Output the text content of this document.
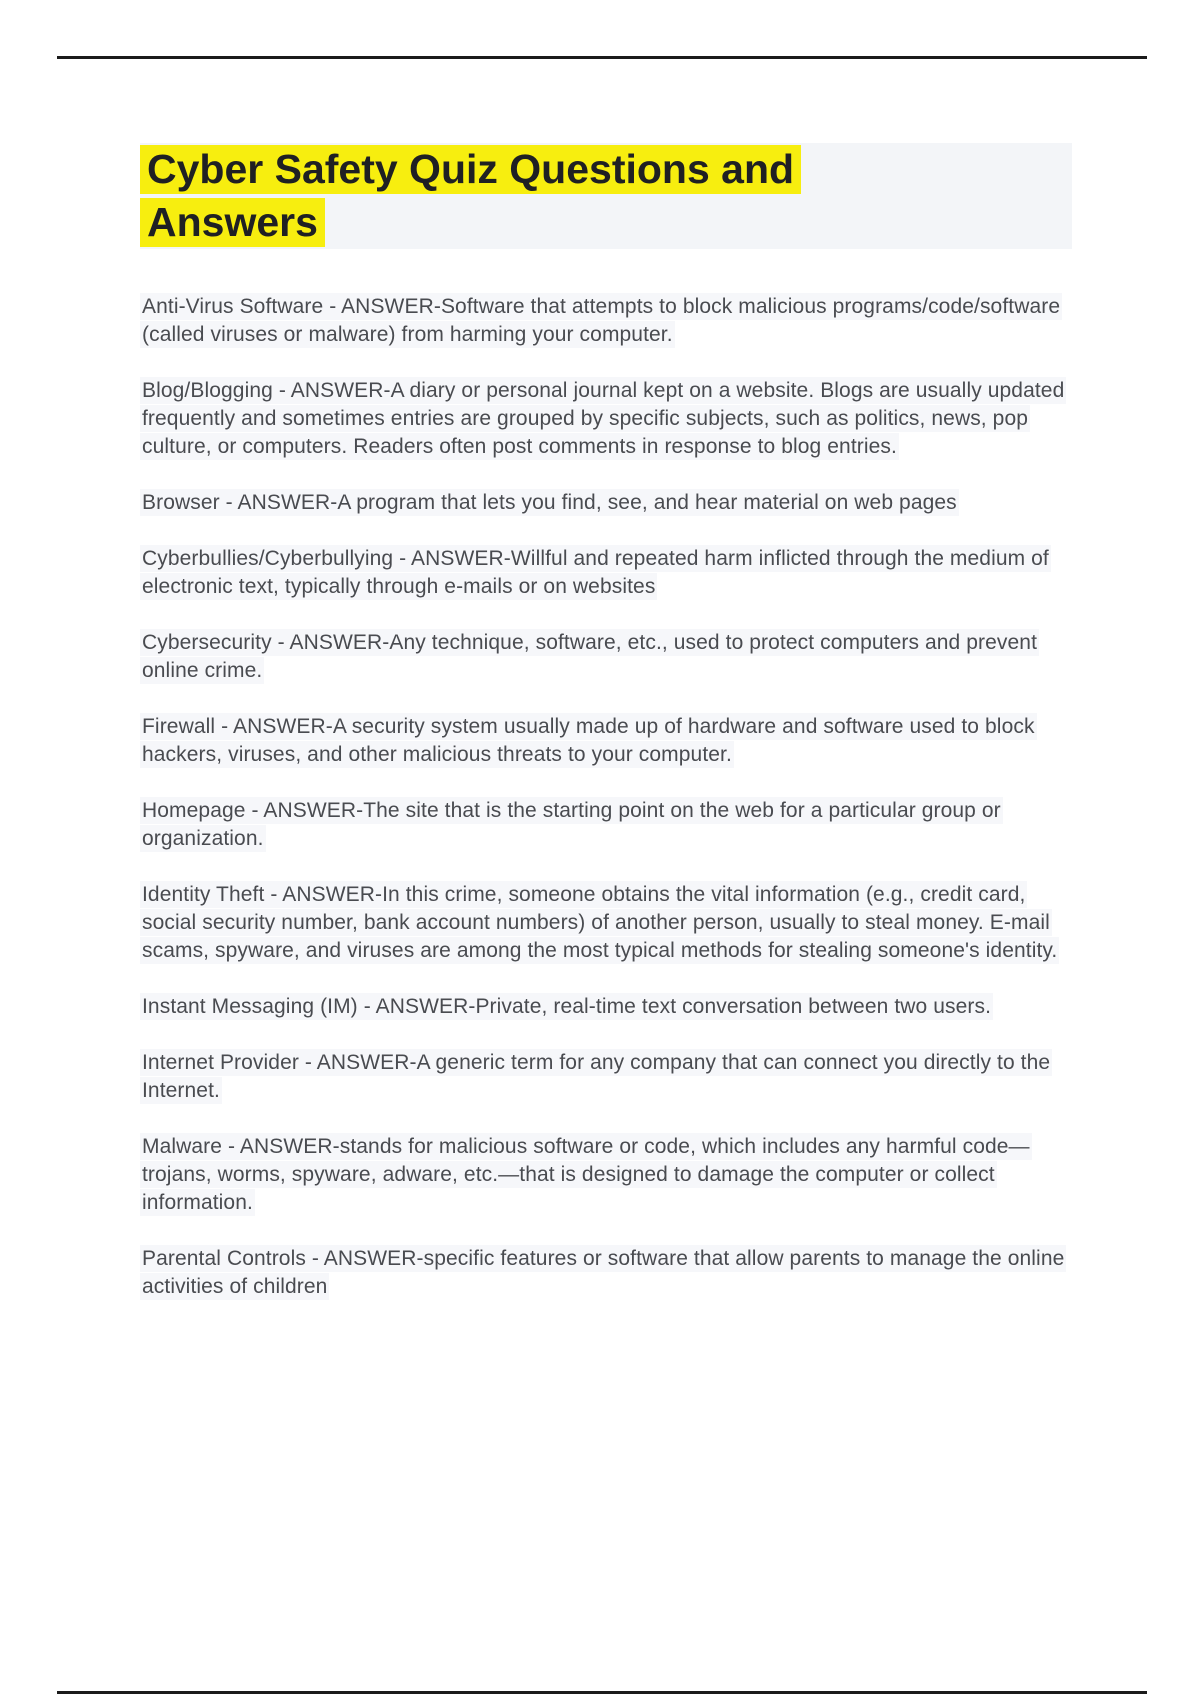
Cyber Safety Quiz Questions and
Answers

Anti-Virus Software - ANSWER-Software that attempts to block malicious programs/code/software (called viruses or malware) from harming your computer.

Blog/Blogging - ANSWER-A diary or personal journal kept on a website. Blogs are usually updated frequently and sometimes entries are grouped by specific subjects, such as politics, news, pop culture, or computers. Readers often post comments in response to blog entries.

Browser - ANSWER-A program that lets you find, see, and hear material on web pages

Cyberbullies/Cyberbullying - ANSWER-Willful and repeated harm inflicted through the medium of electronic text, typically through e-mails or on websites

Cybersecurity - ANSWER-Any technique, software, etc., used to protect computers and prevent online crime.

Firewall - ANSWER-A security system usually made up of hardware and software used to block hackers, viruses, and other malicious threats to your computer.

Homepage - ANSWER-The site that is the starting point on the web for a particular group or organization.

Identity Theft - ANSWER-In this crime, someone obtains the vital information (e.g., credit card, social security number, bank account numbers) of another person, usually to steal money. E-mail scams, spyware, and viruses are among the most typical methods for stealing someone's identity.

Instant Messaging (IM) - ANSWER-Private, real-time text conversation between two users.

Internet Provider - ANSWER-A generic term for any company that can connect you directly to the Internet.

Malware - ANSWER-stands for malicious software or code, which includes any harmful code—trojans, worms, spyware, adware, etc.—that is designed to damage the computer or collect information.

Parental Controls - ANSWER-specific features or software that allow parents to manage the online activities of children
